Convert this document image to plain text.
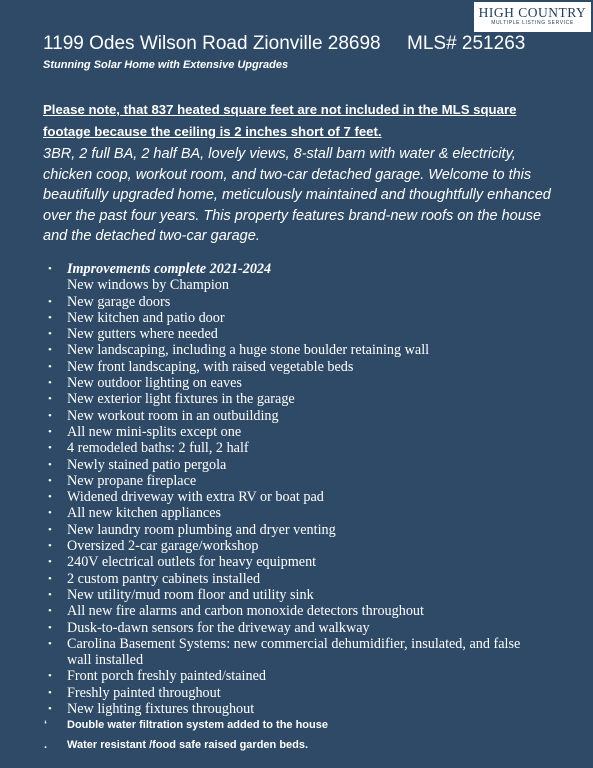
HIGH COUNTRY
MULTIPLE LISTING SERVICE
1199 Odes Wilson Road Zionville 28698     MLS# 251263
Stunning Solar Home with Extensive Upgrades
Please note, that 837 heated square feet are not included in the MLS square footage because the ceiling is 2 inches short of 7 feet.
3BR, 2 full BA, 2 half BA, lovely views, 8-stall barn with water & electricity, chicken coop, workout room, and two-car detached garage. Welcome to this beautifully upgraded home, meticulously maintained and thoughtfully enhanced over the past four years. This property features brand-new roofs on the house and the detached two-car garage.
• Improvements complete 2021-2024
New windows by Champion
• New garage doors
• New kitchen and patio door
• New gutters where needed
• New landscaping, including a huge stone boulder retaining wall
• New front landscaping, with raised vegetable beds
• New outdoor lighting on eaves
• New exterior light fixtures in the garage
• New workout room in an outbuilding
• All new mini-splits except one
• 4 remodeled baths: 2 full, 2 half
• Newly stained patio pergola
• New propane fireplace
• Widened driveway with extra RV or boat pad
• All new kitchen appliances
• New laundry room plumbing and dryer venting
• Oversized 2-car garage/workshop
• 240V electrical outlets for heavy equipment
• 2 custom pantry cabinets installed
• New utility/mud room floor and utility sink
• All new fire alarms and carbon monoxide detectors throughout
• Dusk-to-dawn sensors for the driveway and walkway
• Carolina Basement Systems: new commercial dehumidifier, insulated, and false wall installed
• Front porch freshly painted/stained
• Freshly painted throughout
• New lighting fixtures throughout
‘ Double water filtration system added to the house
. Water resistant /food safe raised garden beds.
